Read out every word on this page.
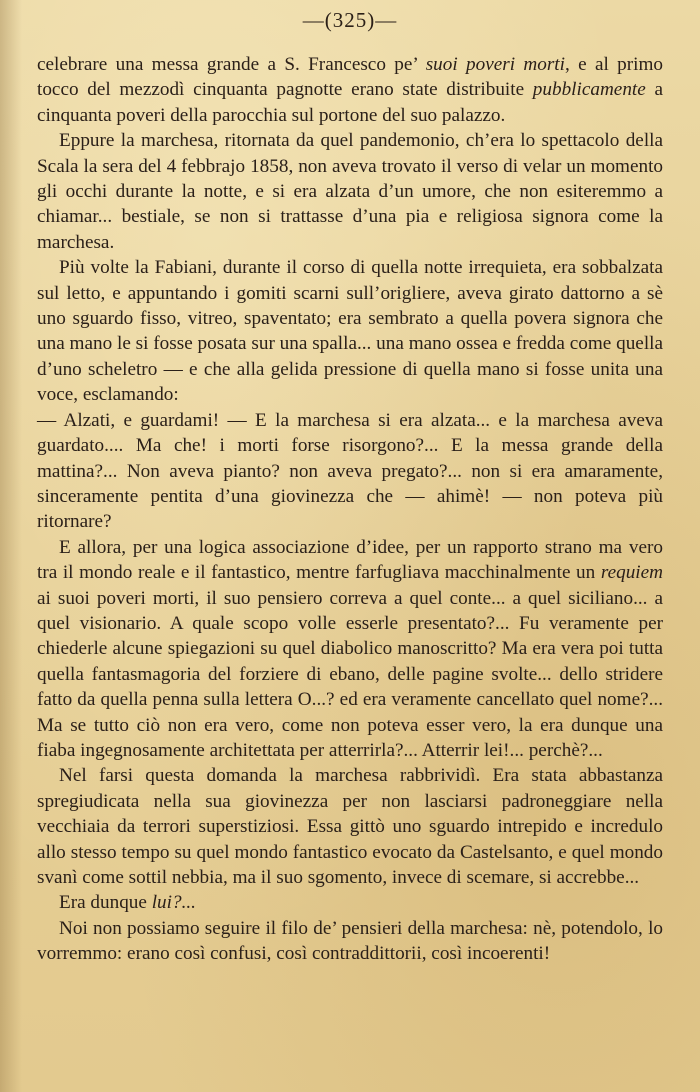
—(325)—

celebrare una messa grande a S. Francesco pe’ suoi poveri morti, e al primo tocco del mezzodì cinquanta pagnotte erano state distribuite pubblicamente a cinquanta poveri della parocchia sul portone del suo palazzo.

Eppure la marchesa, ritornata da quel pandemonio, ch’era lo spettacolo della Scala la sera del 4 febbrajo 1858, non aveva trovato il verso di velar un momento gli occhi durante la notte, e si era alzata d’un umore, che non esiteremmo a chiamar... bestiale, se non si trattasse d’una pia e religiosa signora come la marchesa.

Più volte la Fabiani, durante il corso di quella notte irrequieta, era sobbalzata sul letto, e appuntando i gomiti scarni sull’origliere, aveva girato dattorno a sè uno sguardo fisso, vitreo, spaventato; era sembrato a quella povera signora che una mano le si fosse posata sur una spalla... una mano ossea e fredda come quella d’uno scheletro — e che alla gelida pressione di quella mano si fosse unita una voce, esclamando:

— Alzati, e guardami! — E la marchesa si era alzata... e la marchesa aveva guardato.... Ma che! i morti forse risorgono?... E la messa grande della mattina?... Non aveva pianto? non aveva pregato?... non si era amaramente, sinceramente pentita d’una giovinezza che — ahimè! — non poteva più ritornare?

E allora, per una logica associazione d’idee, per un rapporto strano ma vero tra il mondo reale e il fantastico, mentre farfugliava macchinalmente un requiem ai suoi poveri morti, il suo pensiero correva a quel conte... a quel siciliano... a quel visionario. A quale scopo volle esserle presentato?... Fu veramente per chiederle alcune spiegazioni su quel diabolico manoscritto? Ma era vera poi tutta quella fantasmagoria del forziere di ebano, delle pagine svolte... dello stridere fatto da quella penna sulla lettera O...? ed era veramente cancellato quel nome?... Ma se tutto ciò non era vero, come non poteva esser vero, la era dunque una fiaba ingegnosamente architettata per atterrirla?... Atterrir lei!... perchè?...

Nel farsi questa domanda la marchesa rabbrividì. Era stata abbastanza spregiudicata nella sua giovinezza per non lasciarsi padroneggiare nella vecchiaia da terrori superstiziosi. Essa gittò uno sguardo intrepido e incredulo allo stesso tempo su quel mondo fantastico evocato da Castelsanto, e quel mondo svanì come sottil nebbia, ma il suo sgomento, invece di scemare, si accrebbe...

Era dunque lui?...

Noi non possiamo seguire il filo de’ pensieri della marchesa: nè, potendolo, lo vorremmo: erano così confusi, così contraddittorii, così incoerenti!
